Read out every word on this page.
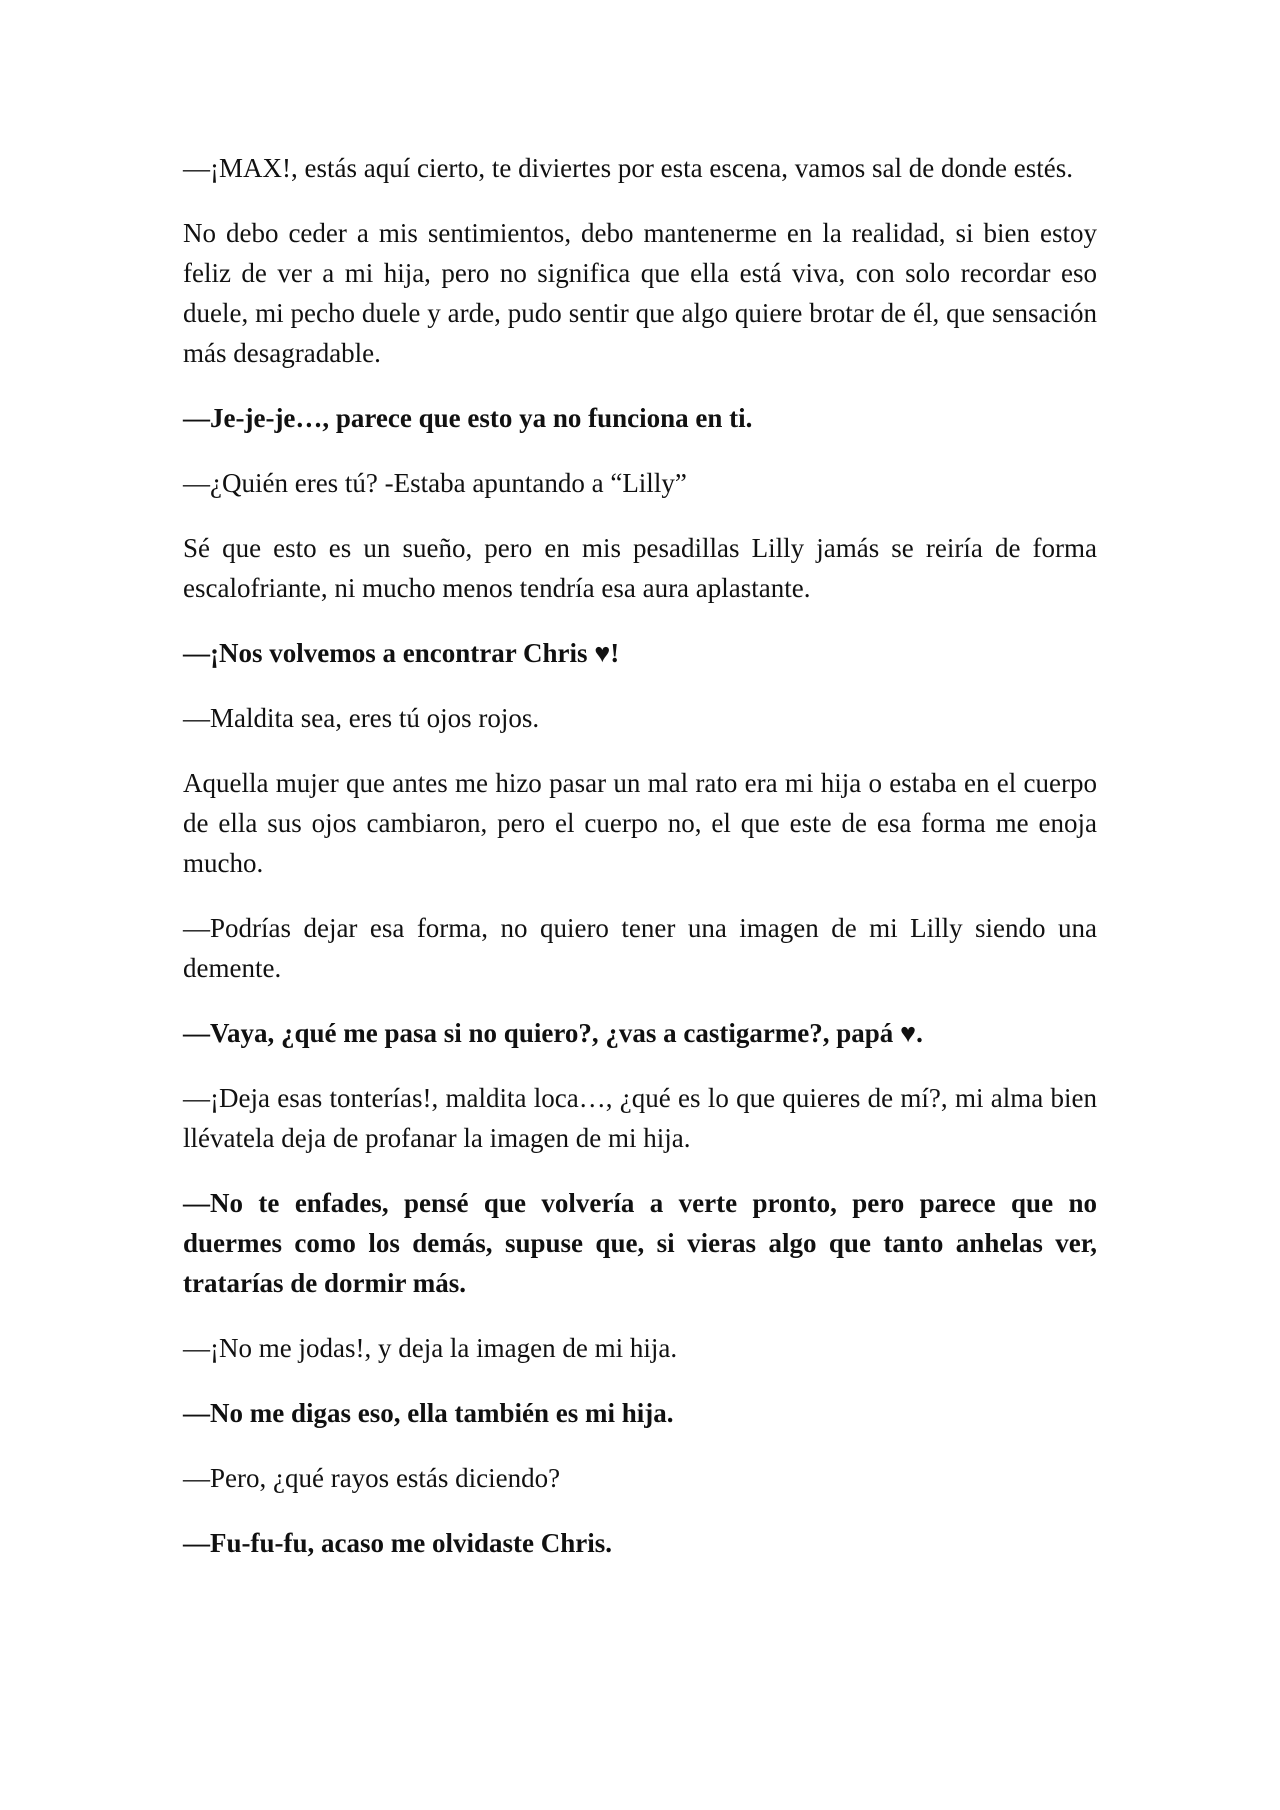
—¡MAX!, estás aquí cierto, te diviertes por esta escena, vamos sal de donde estés.

No debo ceder a mis sentimientos, debo mantenerme en la realidad, si bien estoy feliz de ver a mi hija, pero no significa que ella está viva, con solo recordar eso duele, mi pecho duele y arde, pudo sentir que algo quiere brotar de él, que sensación más desagradable.

—Je-je-je…, parece que esto ya no funciona en ti.

—¿Quién eres tú? -Estaba apuntando a “Lilly”

Sé que esto es un sueño, pero en mis pesadillas Lilly jamás se reiría de forma escalofriante, ni mucho menos tendría esa aura aplastante.

—¡Nos volvemos a encontrar Chris ♥!

—Maldita sea, eres tú ojos rojos.

Aquella mujer que antes me hizo pasar un mal rato era mi hija o estaba en el cuerpo de ella sus ojos cambiaron, pero el cuerpo no, el que este de esa forma me enoja mucho.

—Podrías dejar esa forma, no quiero tener una imagen de mi Lilly siendo una demente.

—Vaya, ¿qué me pasa si no quiero?, ¿vas a castigarme?, papá ♥.

—¡Deja esas tonterías!, maldita loca…, ¿qué es lo que quieres de mí?, mi alma bien llévatela deja de profanar la imagen de mi hija.

—No te enfades, pensé que volvería a verte pronto, pero parece que no duermes como los demás, supuse que, si vieras algo que tanto anhelas ver, tratarías de dormir más.

—¡No me jodas!, y deja la imagen de mi hija.

—No me digas eso, ella también es mi hija.

—Pero, ¿qué rayos estás diciendo?

—Fu-fu-fu, acaso me olvidaste Chris.
